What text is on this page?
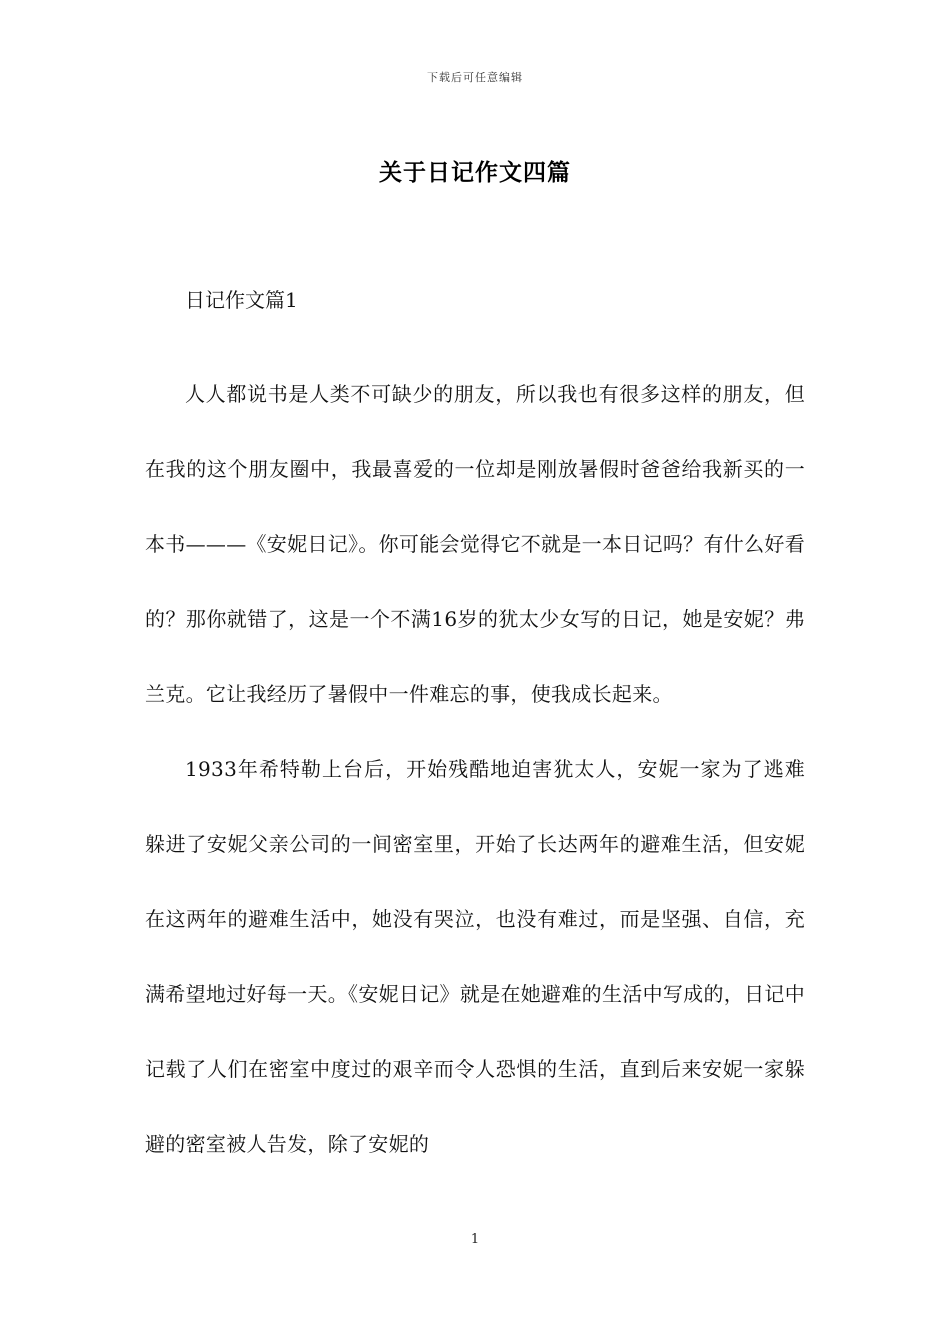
下载后可任意编辑
关于日记作文四篇

日记作文篇1

人人都说书是人类不可缺少的朋友，所以我也有很多这样的朋友，但在我的这个朋友圈中，我最喜爱的一位却是刚放暑假时爸爸给我新买的一本书———《安妮日记》。你可能会觉得它不就是一本日记吗？有什么好看的？那你就错了，这是一个不满16岁的犹太少女写的日记，她是安妮？弗兰克。它让我经历了暑假中一件难忘的事，使我成长起来。

1933年希特勒上台后，开始残酷地迫害犹太人，安妮一家为了逃难躲进了安妮父亲公司的一间密室里，开始了长达两年的避难生活，但安妮在这两年的避难生活中，她没有哭泣，也没有难过，而是坚强、自信，充满希望地过好每一天。《安妮日记》就是在她避难的生活中写成的，日记中记载了人们在密室中度过的艰辛而令人恐惧的生活，直到后来安妮一家躲避的密室被人告发，除了安妮的

1
